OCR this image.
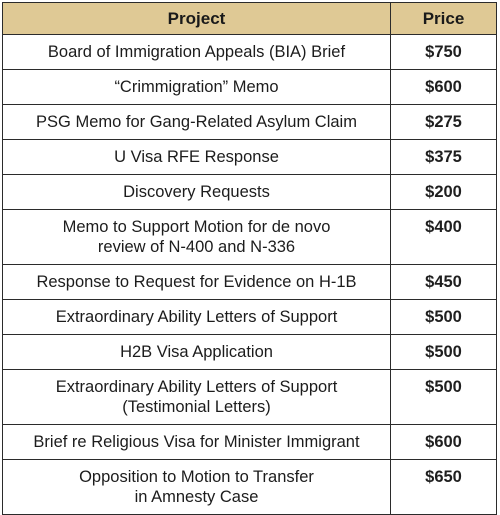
Project	Price
Board of Immigration Appeals (BIA) Brief	$750
“Crimmigration” Memo	$600
PSG Memo for Gang-Related Asylum Claim	$275
U Visa RFE Response	$375
Discovery Requests	$200
Memo to Support Motion for de novo
review of N-400 and N-336	$400
Response to Request for Evidence on H-1B	$450
Extraordinary Ability Letters of Support	$500
H2B Visa Application	$500
Extraordinary Ability Letters of Support
(Testimonial Letters)	$500
Brief re Religious Visa for Minister Immigrant	$600
Opposition to Motion to Transfer
in Amnesty Case	$650
